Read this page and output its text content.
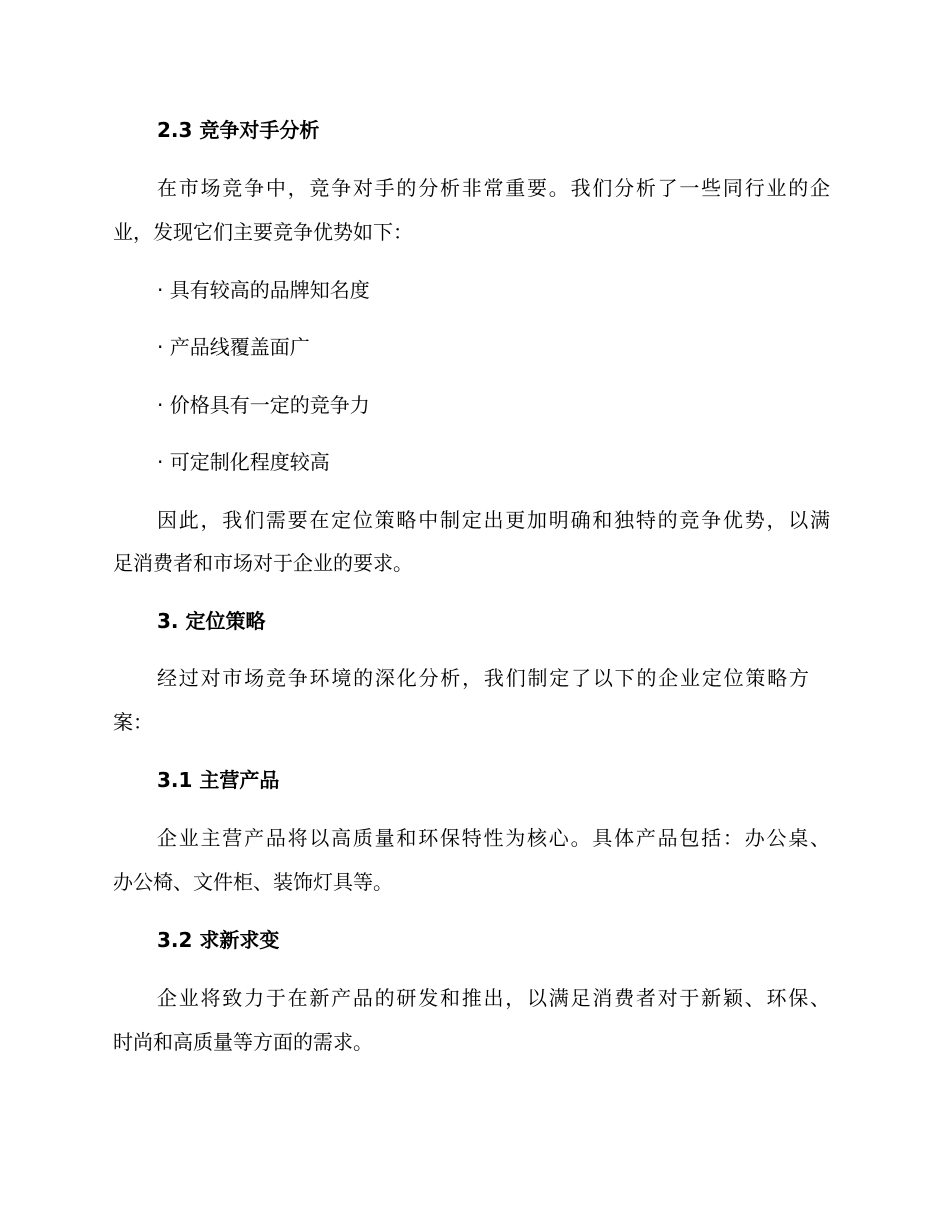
2.3 竞争对手分析

在市场竞争中，竞争对手的分析非常重要。我们分析了一些同行业的企

业，发现它们主要竞争优势如下：

· 具有较高的品牌知名度

· 产品线覆盖面广

· 价格具有一定的竞争力

· 可定制化程度较高

因此，我们需要在定位策略中制定出更加明确和独特的竞争优势，以满

足消费者和市场对于企业的要求。

3. 定位策略

经过对市场竞争环境的深化分析，我们制定了以下的企业定位策略方

案：

3.1 主营产品

企业主营产品将以高质量和环保特性为核心。具体产品包括：办公桌、

办公椅、文件柜、装饰灯具等。

3.2 求新求变

企业将致力于在新产品的研发和推出，以满足消费者对于新颖、环保、

时尚和高质量等方面的需求。
